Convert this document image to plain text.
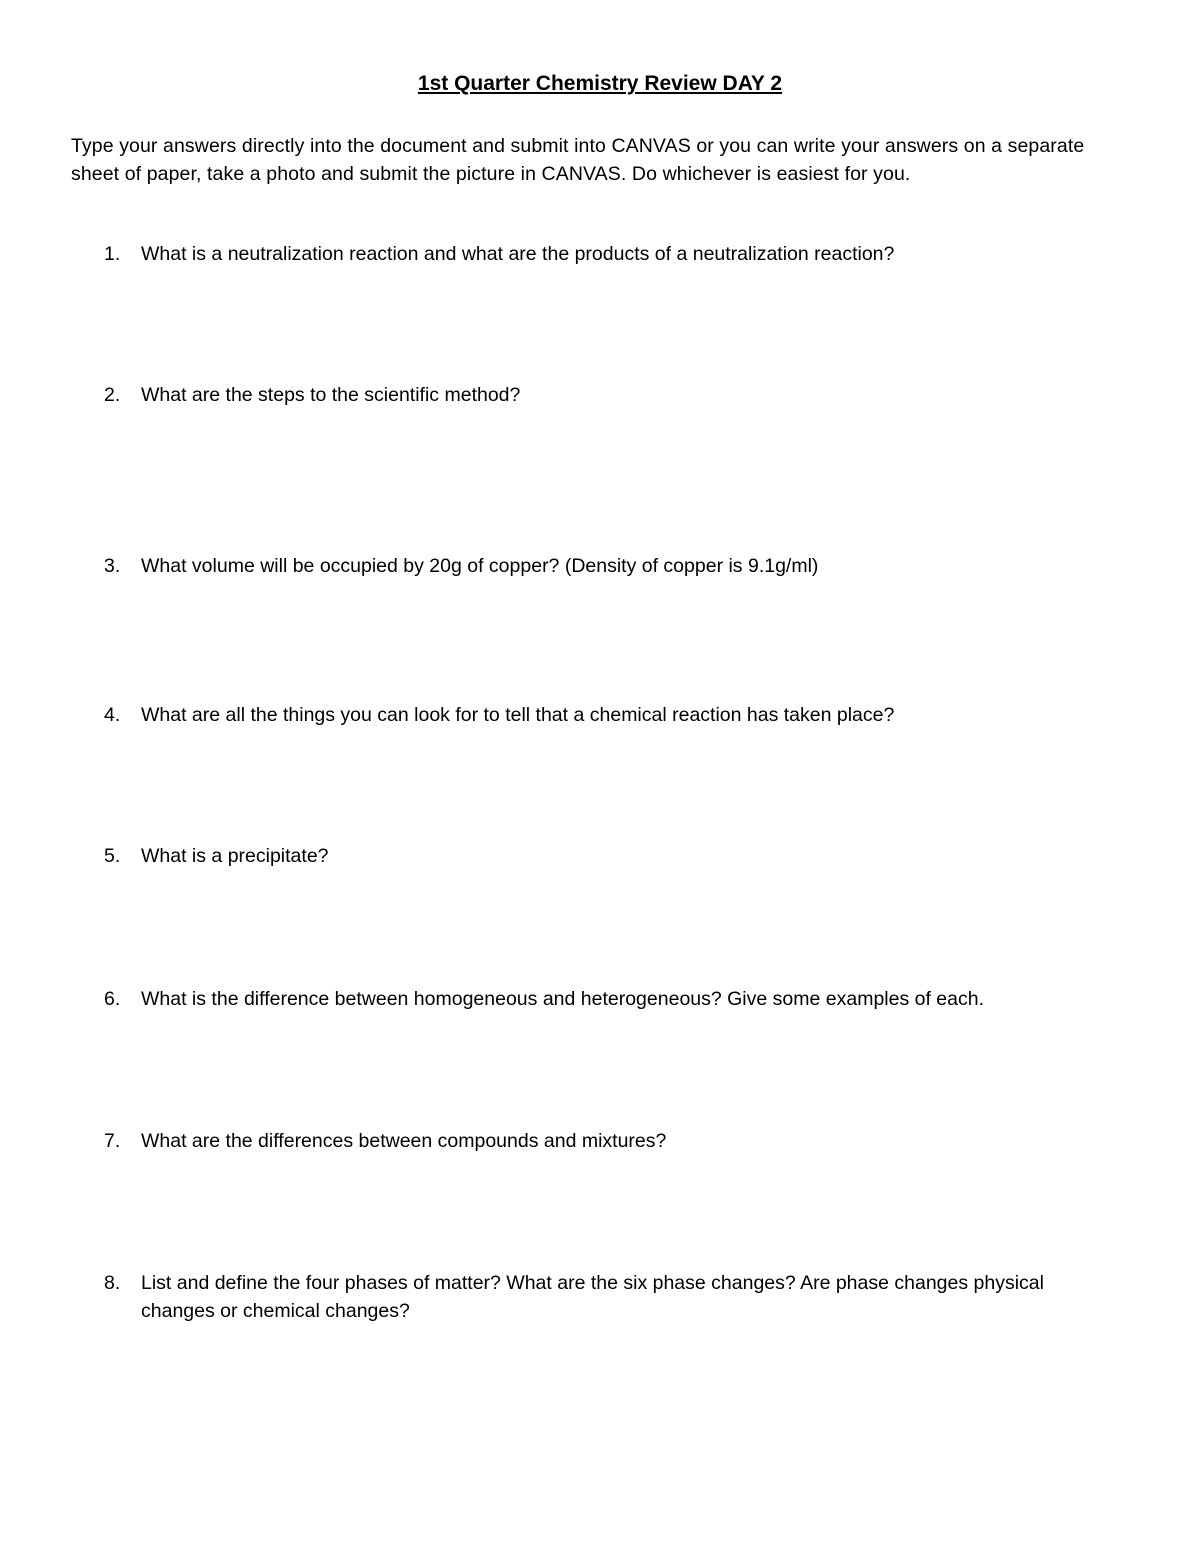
1st Quarter Chemistry Review DAY 2
Type your answers directly into the document and submit into CANVAS or you can write your answers on a separate sheet of paper, take a photo and submit the picture in CANVAS. Do whichever is easiest for you.
1.	What is a neutralization reaction and what are the products of a neutralization reaction?
2.	What are the steps to the scientific method?
3.	What volume will be occupied by 20g of copper? (Density of copper is 9.1g/ml)
4.	What are all the things you can look for to tell that a chemical reaction has taken place?
5.	What is a precipitate?
6.	What is the difference between homogeneous and heterogeneous? Give some examples of each.
7.	What are the differences between compounds and mixtures?
8.	List and define the four phases of matter? What are the six phase changes? Are phase changes physical changes or chemical changes?
